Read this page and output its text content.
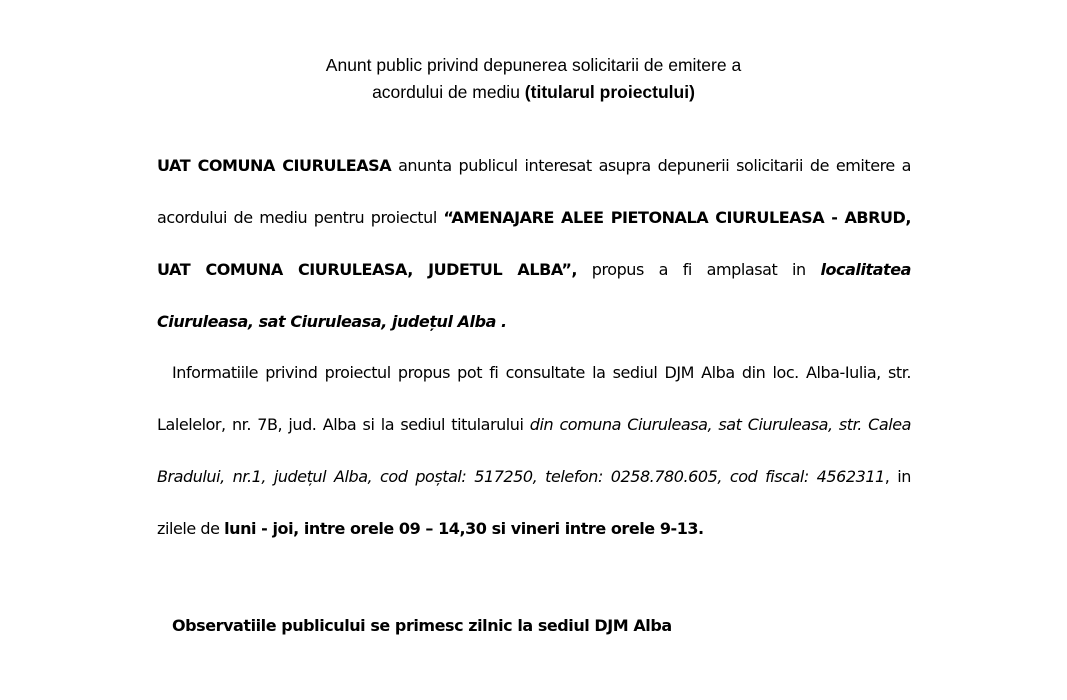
Anunt public privind depunerea solicitarii de emitere a
acordului de mediu (titularul proiectului)
UAT COMUNA CIURULEASA anunta publicul interesat asupra depunerii solicitarii de emitere a acordului de mediu pentru proiectul “AMENAJARE ALEE PIETONALA CIURULEASA - ABRUD, UAT COMUNA CIURULEASA, JUDETUL ALBA”, propus a fi amplasat in localitatea Ciuruleasa, sat Ciuruleasa, județul Alba .
Informatiile privind proiectul propus pot fi consultate la sediul DJM Alba din loc. Alba-Iulia, str. Lalelelor, nr. 7B, jud. Alba si la sediul titularului din comuna Ciuruleasa, sat Ciuruleasa, str. Calea Bradului, nr.1, județul Alba, cod poștal: 517250, telefon: 0258.780.605, cod fiscal: 4562311, in zilele de luni - joi, intre orele 09 – 14,30 si vineri intre orele 9-13.
Observatiile publicului se primesc zilnic la sediul DJM Alba
